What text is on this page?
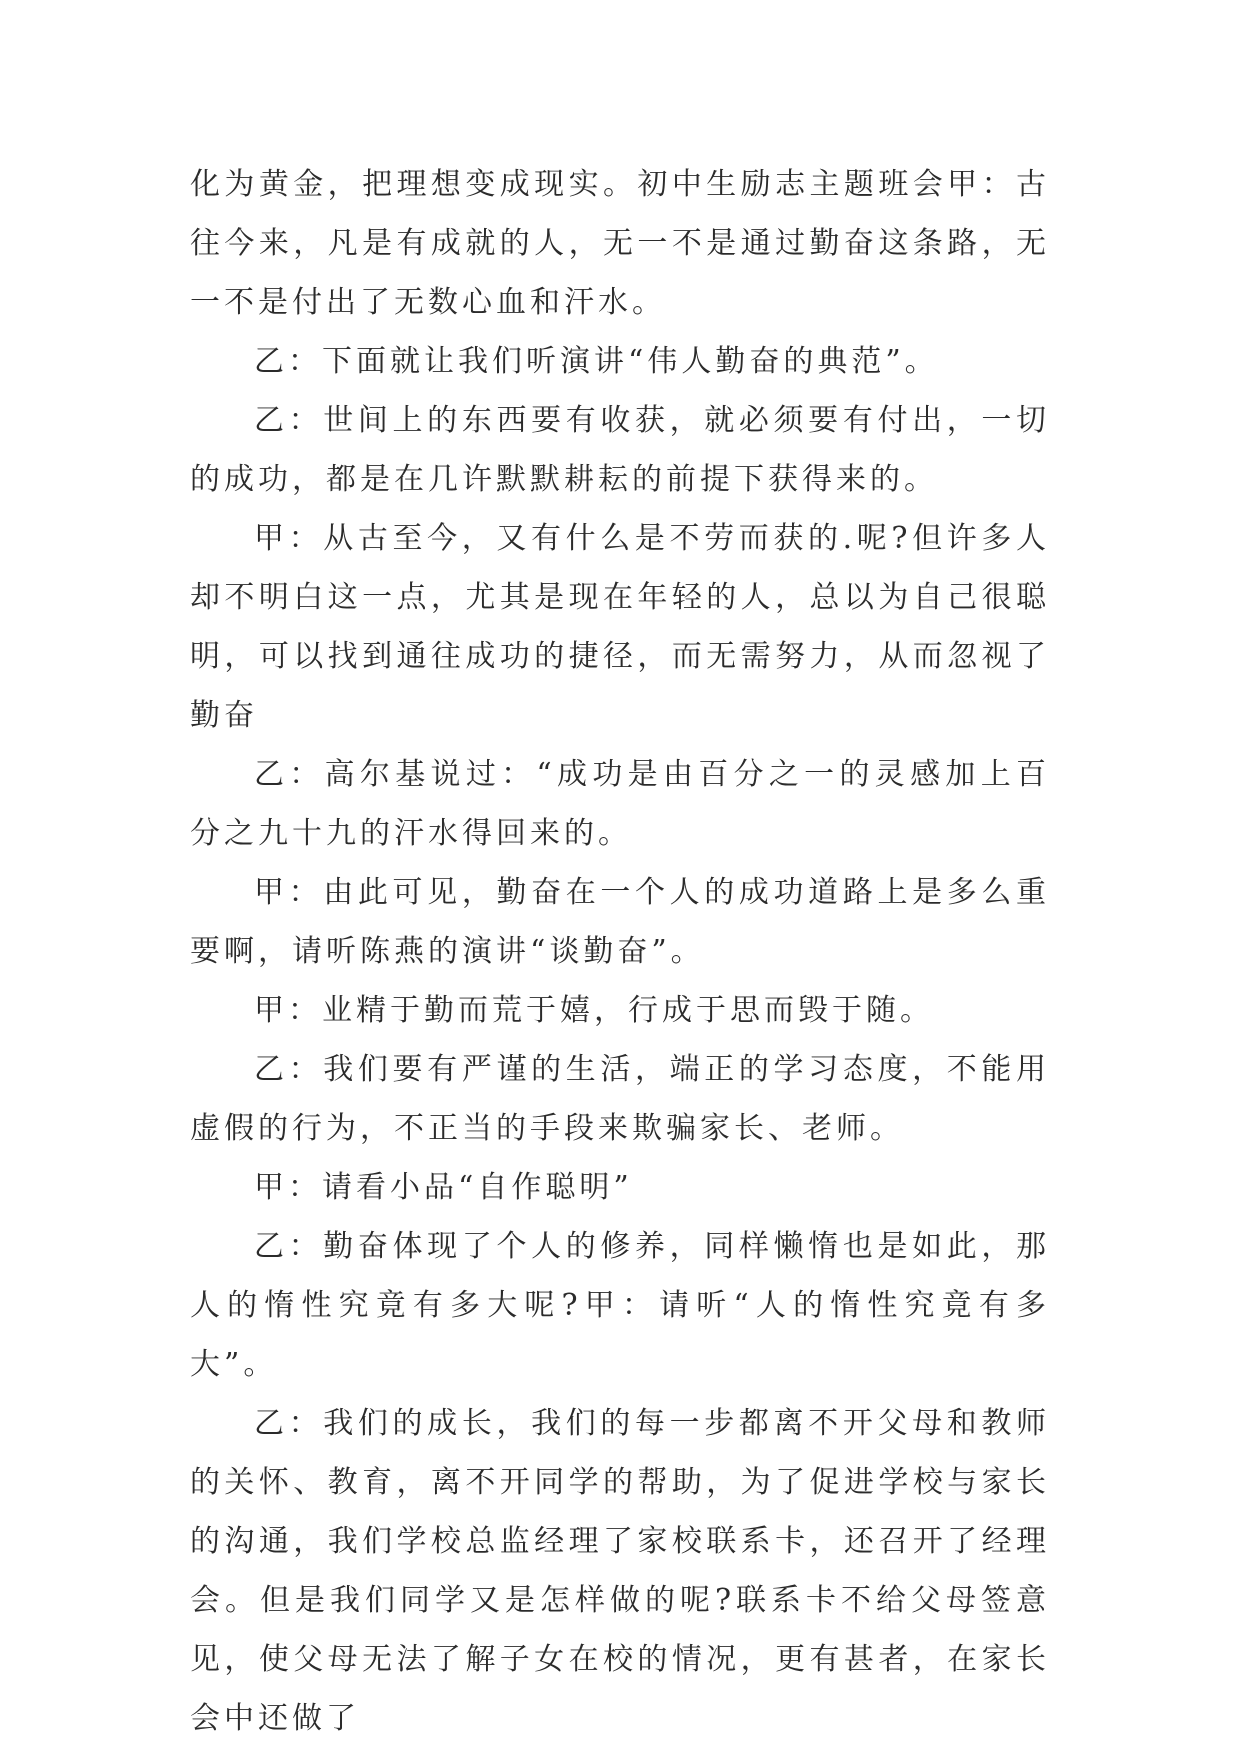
化为黄金，把理想变成现实。初中生励志主题班会甲：古往今来，凡是有成就的人，无一不是通过勤奋这条路，无一不是付出了无数心血和汗水。

乙：下面就让我们听演讲“伟人勤奋的典范”。

乙：世间上的东西要有收获，就必须要有付出，一切的成功，都是在几许默默耕耘的前提下获得来的。

甲：从古至今，又有什么是不劳而获的.呢?但许多人却不明白这一点，尤其是现在年轻的人，总以为自己很聪明，可以找到通往成功的捷径，而无需努力，从而忽视了勤奋

乙：高尔基说过：“成功是由百分之一的灵感加上百分之九十九的汗水得回来的。

甲：由此可见，勤奋在一个人的成功道路上是多么重要啊，请听陈燕的演讲“谈勤奋”。

甲：业精于勤而荒于嬉，行成于思而毁于随。

乙：我们要有严谨的生活，端正的学习态度，不能用虚假的行为，不正当的手段来欺骗家长、老师。

甲：请看小品“自作聪明”

乙：勤奋体现了个人的修养，同样懒惰也是如此，那人的惰性究竟有多大呢?甲：请听“人的惰性究竟有多大”。

乙：我们的成长，我们的每一步都离不开父母和教师的关怀、教育，离不开同学的帮助，为了促进学校与家长的沟通，我们学校总监经理了家校联系卡，还召开了经理会。但是我们同学又是怎样做的呢?联系卡不给父母签意见，使父母无法了解子女在校的情况，更有甚者，在家长会中还做了
